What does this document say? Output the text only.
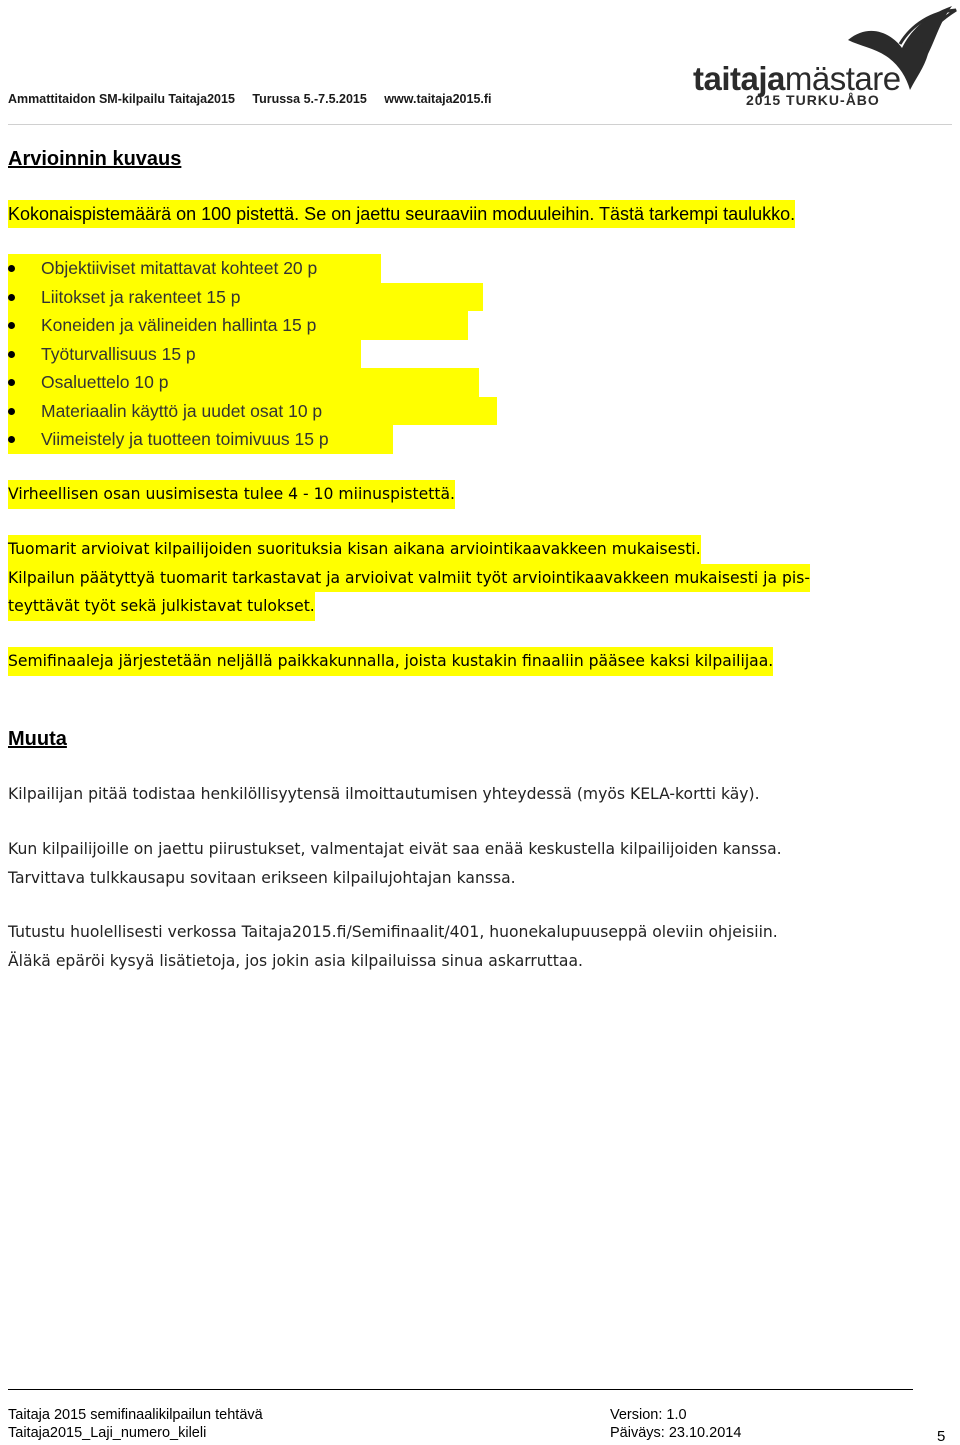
taitajamästare
2015 TURKU-ÅBO
Ammattitaidon SM-kilpailu Taitaja2015 Turussa 5.-7.5.2015 www.taitaja2015.fi
Arvioinnin kuvaus
Kokonaispistemäärä on 100 pistettä. Se on jaettu seuraaviin moduuleihin. Tästä tarkempi taulukko.
Objektiiviset mitattavat kohteet 20 p
Liitokset ja rakenteet 15 p
Koneiden ja välineiden hallinta 15 p
Työturvallisuus 15 p
Osaluettelo 10 p
Materiaalin käyttö ja uudet osat 10 p
Viimeistely ja tuotteen toimivuus 15 p
Virheellisen osan uusimisesta tulee 4 - 10 miinuspistettä.
Tuomarit arvioivat kilpailijoiden suorituksia kisan aikana arviointikaavakkeen mukaisesti.
Kilpailun päätyttyä tuomarit tarkastavat ja arvioivat valmiit työt arviointikaavakkeen mukaisesti ja pis-
teyttävät työt sekä julkistavat tulokset.
Semifinaaleja järjestetään neljällä paikkakunnalla, joista kustakin finaaliin pääsee kaksi kilpailijaa.
Muuta
Kilpailijan pitää todistaa henkilöllisyytensä ilmoittautumisen yhteydessä (myös KELA-kortti käy).
Kun kilpailijoille on jaettu piirustukset, valmentajat eivät saa enää keskustella kilpailijoiden kanssa.
Tarvittava tulkkausapu sovitaan erikseen kilpailujohtajan kanssa.
Tutustu huolellisesti verkossa Taitaja2015.fi/Semifinaalit/401, huonekalupuuseppä oleviin ohjeisiin.
Äläkä epäröi kysyä lisätietoja, jos jokin asia kilpailuissa sinua askarruttaa.
Taitaja 2015 semifinaalikilpailun tehtävä
Taitaja2015_Laji_numero_kileli
Version: 1.0
Päiväys: 23.10.2014	5
